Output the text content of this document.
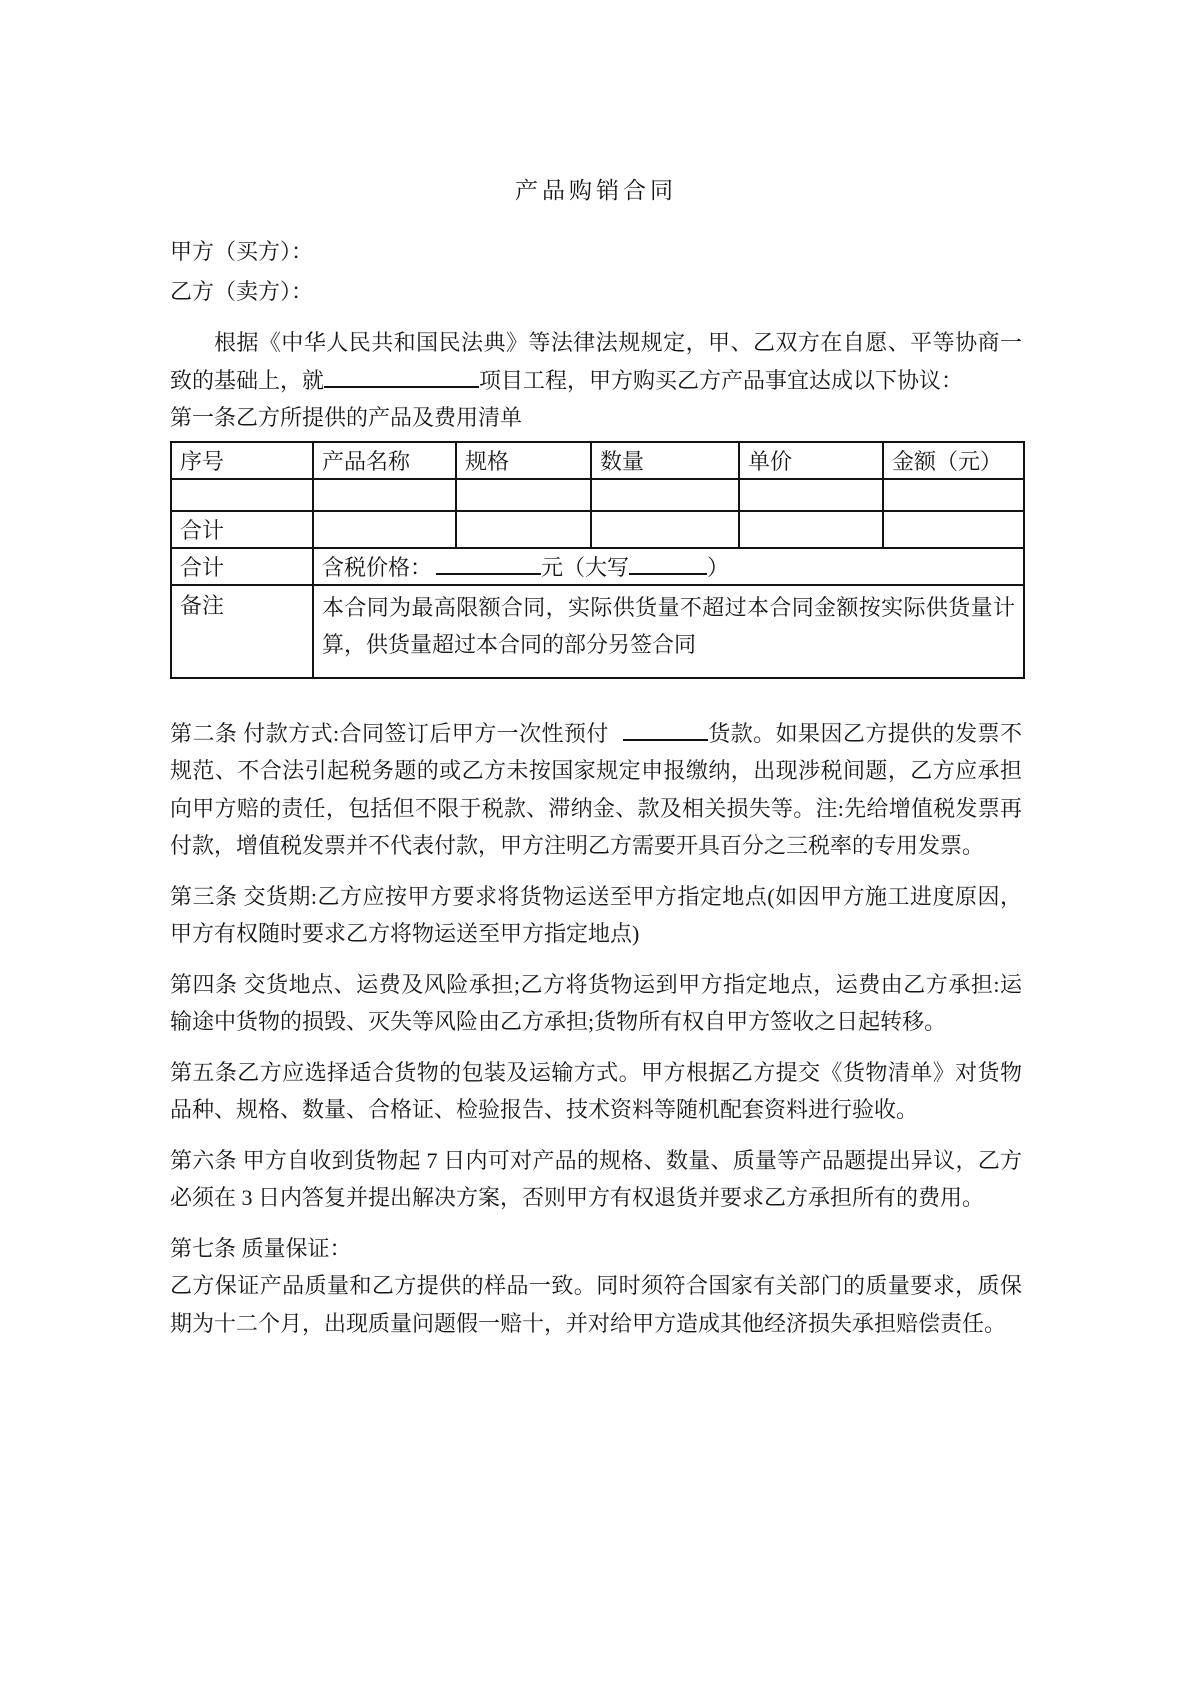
产品购销合同

甲方（买方）：

乙方（卖方）：

根据《中华人民共和国民法典》等法律法规规定，甲、乙双方在自愿、平等协商一致的基础上，就	项目工程，甲方购买乙方产品事宜达成以下协议：

第一条乙方所提供的产品及费用清单

序号	产品名称	规格	数量	单价	金额（元）

合计					
合计	含税价格： 元（大写 ）				
备注	本合同为最高限额合同，实际供货量不超过本合同金额按实际供货量计算，供货量超过本合同的部分另签合同				

第二条 付款方式:合同签订后甲方一次性预付	货款。如果因乙方提供的发票不规范、不合法引起税务题的或乙方未按国家规定申报缴纳，出现涉税间题，乙方应承担向甲方赔的责任，包括但不限于税款、滞纳金、款及相关损失等。注:先给增值税发票再付款，增值税发票并不代表付款，甲方注明乙方需要开具百分之三税率的专用发票。

第三条 交货期:乙方应按甲方要求将货物运送至甲方指定地点(如因甲方施工进度原因，甲方有权随时要求乙方将物运送至甲方指定地点)

第四条 交货地点、运费及风险承担;乙方将货物运到甲方指定地点，运费由乙方承担:运输途中货物的损毁、灭失等风险由乙方承担;货物所有权自甲方签收之日起转移。

第五条乙方应选择适合货物的包装及运输方式。甲方根据乙方提交《货物清单》对货物品种、规格、数量、合格证、检验报告、技术资料等随机配套资料进行验收。

第六条 甲方自收到货物起 7 日内可对产品的规格、数量、质量等产品题提出异议，乙方必须在 3 日内答复并提出解决方案，否则甲方有权退货并要求乙方承担所有的费用。

第七条 质量保证：

乙方保证产品质量和乙方提供的样品一致。同时须符合国家有关部门的质量要求，质保期为十二个月，出现质量问题假一赔十，并对给甲方造成其他经济损失承担赔偿责任。
